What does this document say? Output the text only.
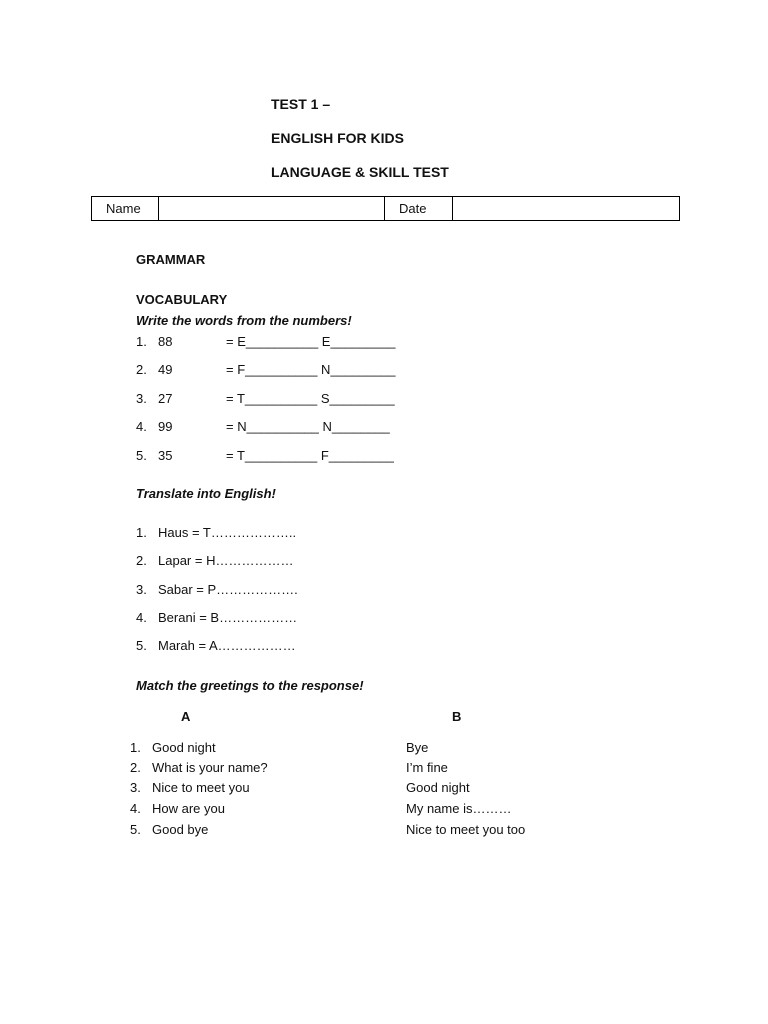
TEST 1 –
ENGLISH FOR KIDS
LANGUAGE & SKILL TEST
Name		Date	
GRAMMAR
VOCABULARY
Write the words from the numbers!
1. 88	= E__________ E_________
2. 49	= F__________ N_________
3. 27	= T__________ S_________
4. 99	= N__________ N________
5. 35	= T__________ F_________
Translate into English!
1. Haus = T………………..
2. Lapar = H………………
3. Sabar = P……………….
4. Berani = B………………
5. Marah = A………………
Match the greetings to the response!
A	B
1. Good night	Bye
2. What is your name?	I’m fine
3. Nice to meet you	Good night
4. How are you	My name is………
5. Good bye	Nice to meet you too
